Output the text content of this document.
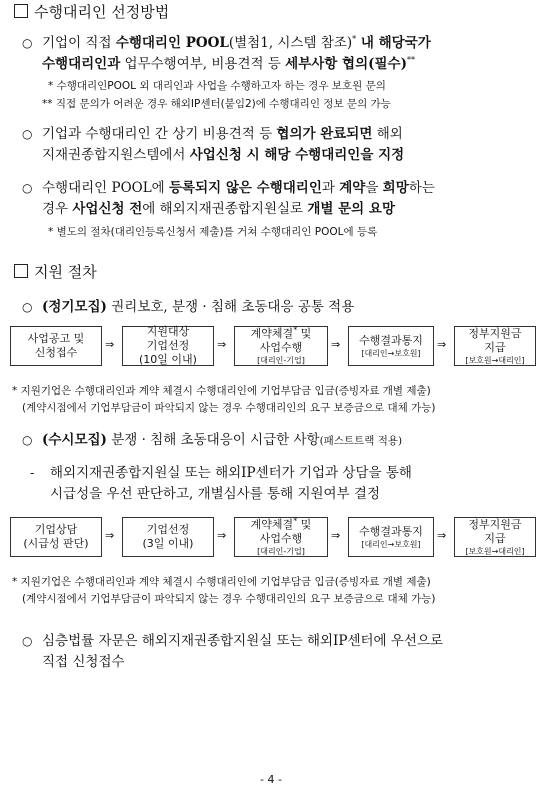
수행대리인 선정방법
○ 기업이 직접 수행대리인 POOL(별첨1, 시스템 참조)* 내 해당국가
수행대리인과 업무수행여부, 비용견적 등 세부사항 협의(필수)**
* 수행대리인POOL 외 대리인과 사업을 수행하고자 하는 경우 보호원 문의
** 직접 문의가 어려운 경우 해외IP센터(붙임2)에 수행대리인 정보 문의 가능
○ 기업과 수행대리인 간 상기 비용견적 등 협의가 완료되면 해외
지재권종합지원스템에서 사업신청 시 해당 수행대리인을 지정
○ 수행대리인 POOL에 등록되지 않은 수행대리인과 계약을 희망하는
경우 사업신청 전에 해외지재권종합지원실로 개별 문의 요망
* 별도의 절차(대리인등록신청서 제출)를 거쳐 수행대리인 POOL에 등록
지원 절차
○ (정기모집) 권리보호, 분쟁 · 침해 초동대응 공통 적용
사업공고 및
신청접수
⇒
지원대상
기업선정
(10일 이내)
⇒
계약체결* 및
사업수행
[대리인-기업]
⇒ 수행결과통지
[대리인→보호원]
⇒
정부지원금
지급
[보호원→대리인]
* 지원기업은 수행대리인과 계약 체결시 수행대리인에 기업부담금 입금(증빙자료 개별 제출)
(계약시점에서 기업부담금이 파악되지 않는 경우 수행대리인의 요구 보증금으로 대체 가능)
○ (수시모집) 분쟁 · 침해 초동대응이 시급한 사항(패스트트랙 적용)
-	해외지재권종합지원실 또는 해외IP센터가 기업과 상담을 통해
시급성을 우선 판단하고, 개별심사를 통해 지원여부 결정
기업상담
(시급성 판단)
⇒	기업선정
(3일 이내)
⇒
계약체결* 및
사업수행
[대리인-기업]
⇒ 수행결과통지
[대리인→보호원]
⇒
정부지원금
지급
[보호원→대리인]
* 지원기업은 수행대리인과 계약 체결시 수행대리인에 기업부담금 입금(증빙자료 개별 제출)
(계약시점에서 기업부담금이 파악되지 않는 경우 수행대리인의 요구 보증금으로 대체 가능)
○ 심층법률 자문은 해외지재권종합지원실 또는 해외IP센터에 우선으로
직접 신청접수
- 4 -
